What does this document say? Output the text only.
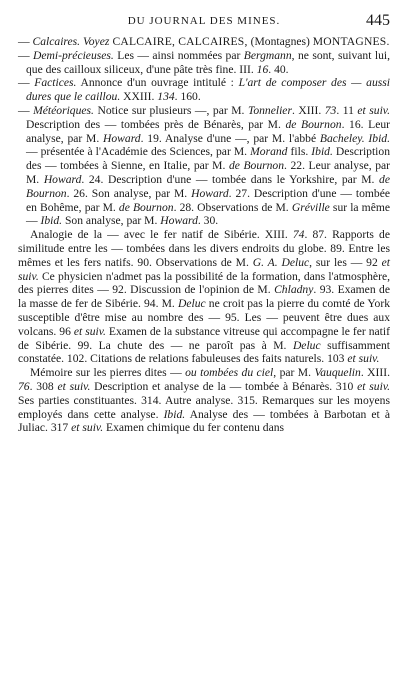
DU JOURNAL DES MINES.	445

— Calcaires. Voyez CALCAIRE, CALCAIRES, (Montagnes) MONTAGNES.

— Demi-précieuses. Les — ainsi nommées par Bergmann, ne sont, suivant lui, que des cailloux siliceux, d'une pâte très fine. III. 16. 40.

— Factices. Annonce d'un ouvrage intitulé : L'art de composer des — aussi dures que le caillou. XXIII. 134. 160.

— Météoriques. Notice sur plusieurs —, par M. Tonnelier. XIII. 73. 11 et suiv. Description des — tombées près de Bénarès, par M. de Bournon. 16. Leur analyse, par M. Howard. 19. Analyse d'une —, par M. l'abbé Bacheley. Ibid. — présentée à l'Académie des Sciences, par M. Morand fils. Ibid. Description des — tombées à Sienne, en Italie, par M. de Bournon. 22. Leur analyse, par M. Howard. 24. Description d'une — tombée dans le Yorkshire, par M. de Bournon. 26. Son analyse, par M. Howard. 27. Description d'une — tombée en Bohême, par M. de Bournon. 28. Observations de M. Gréville sur la même — Ibid. Son analyse, par M. Howard. 30.

Analogie de la — avec le fer natif de Sibérie. XIII. 74. 87. Rapports de similitude entre les — tombées dans les divers endroits du globe. 89. Entre les mêmes et les fers natifs. 90. Observations de M. G. A. Deluc, sur les — 92 et suiv. Ce physicien n'admet pas la possibilité de la formation, dans l'atmosphère, des pierres dites — 92. Discussion de l'opinion de M. Chladny. 93. Examen de la masse de fer de Sibérie. 94. M. Deluc ne croit pas la pierre du comté de York susceptible d'être mise au nombre des — 95. Les — peuvent être dues aux volcans. 96 et suiv. Examen de la substance vitreuse qui accompagne le fer natif de Sibérie. 99. La chute des — ne paroît pas à M. Deluc suffisamment constatée. 102. Citations de relations fabuleuses des faits naturels. 103 et suiv.

Mémoire sur les pierres dites — ou tombées du ciel, par M. Vauquelin. XIII. 76. 308 et suiv. Description et analyse de la — tombée à Bénarès. 310 et suiv. Ses parties constituantes. 314. Autre analyse. 315. Remarques sur les moyens employés dans cette analyse. Ibid. Analyse des — tombées à Barbotan et à Juliac. 317 et suiv. Examen chimique du fer contenu dans
